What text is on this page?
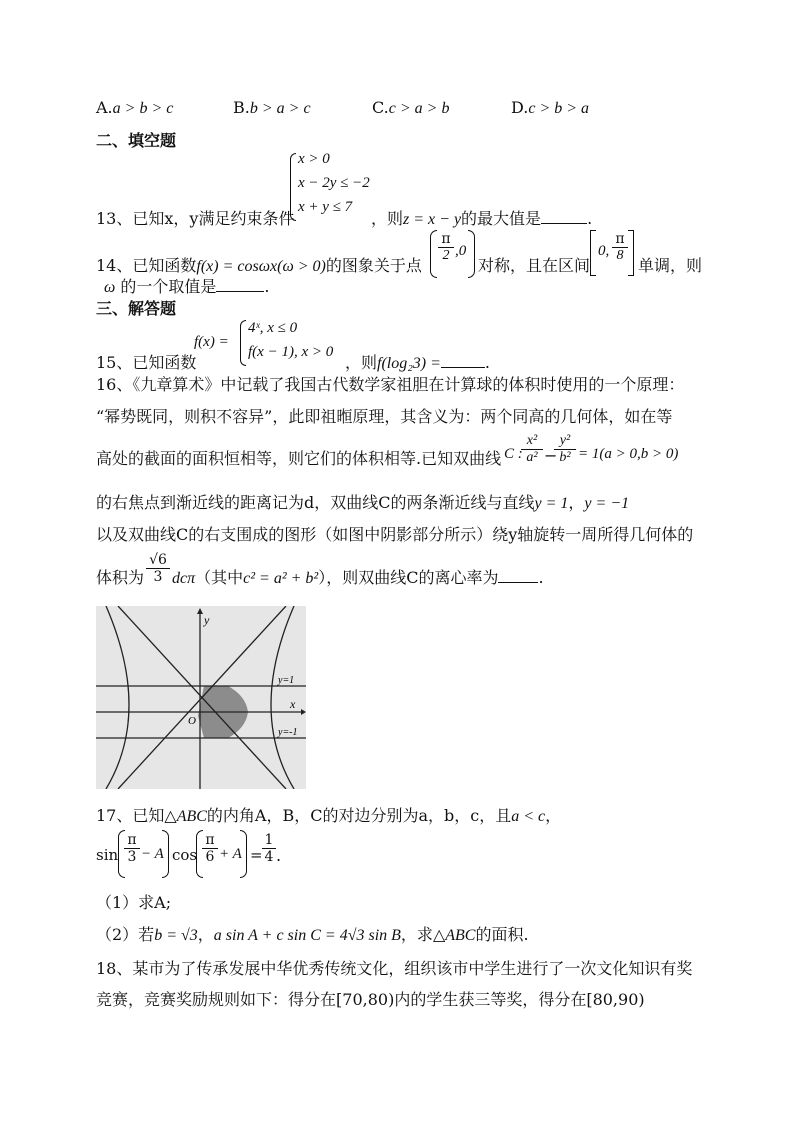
A.a > b > c	B.b > a > c	C.c > a > b	D.c > b > a
二、填空题
x > 0
x − 2y ≤ −2
x + y ≤ 7
13、已知x，y满足约束条件	，则z = x − y的最大值是	.
14、已知函数f(x) = cosωx(ω > 0)的图象关于点
$\frac{\pi}{2} ,0$
对称，且在区间
0, $\frac{\pi}{8}$
单调，则
ω 的一个取值是	.
三、解答题
15、已知函数
f(x) =
4ˣ, x ≤ 0
f(x − 1), x > 0
，则f(log₂3) =	.
16、《九章算术》中记载了我国古代数学家祖胆在计算球的体积时使用的一个原理：
“幂势既同，则积不容异”，此即祖暅原理，其含义为：两个同高的几何体，如在等
高处的截面的面积恒相等，则它们的体积相等.已知双曲线 C :
$\frac{\text{x²}}{\text{a²}}$ −
$\frac{\text{y²}}{\text{b²}} = 1(a > 0,b > 0)$
的右焦点到渐近线的距离记为d，双曲线C的两条渐近线与直线y = 1，y = −1
以及双曲线C的右支围成的图形（如图中阴影部分所示）绕y轴旋转一周所得几何体的
体积为 $\frac{√6}{3} dc\pi$（其中c² = a² + b²），则双曲线C的离心率为	.
y
x
O
y=1
y=-1
17、已知△ABC的内角A，B，C的对边分别为a，b，c，且a < c，
$\sin \frac{\pi}{3} - A$ $\cos \frac{\pi}{6} + A = \frac{1}{4}$ .
（1）求A;
（2）若b = √3，a sin A + c sin C = 4√3 sin B，求△ABC的面积.
18、某市为了传承发展中华优秀传统文化，组织该市中学生进行了一次文化知识有奖
竞赛，竞赛奖励规则如下：得分在[70,80)内的学生获三等奖，得分在[80,90)
